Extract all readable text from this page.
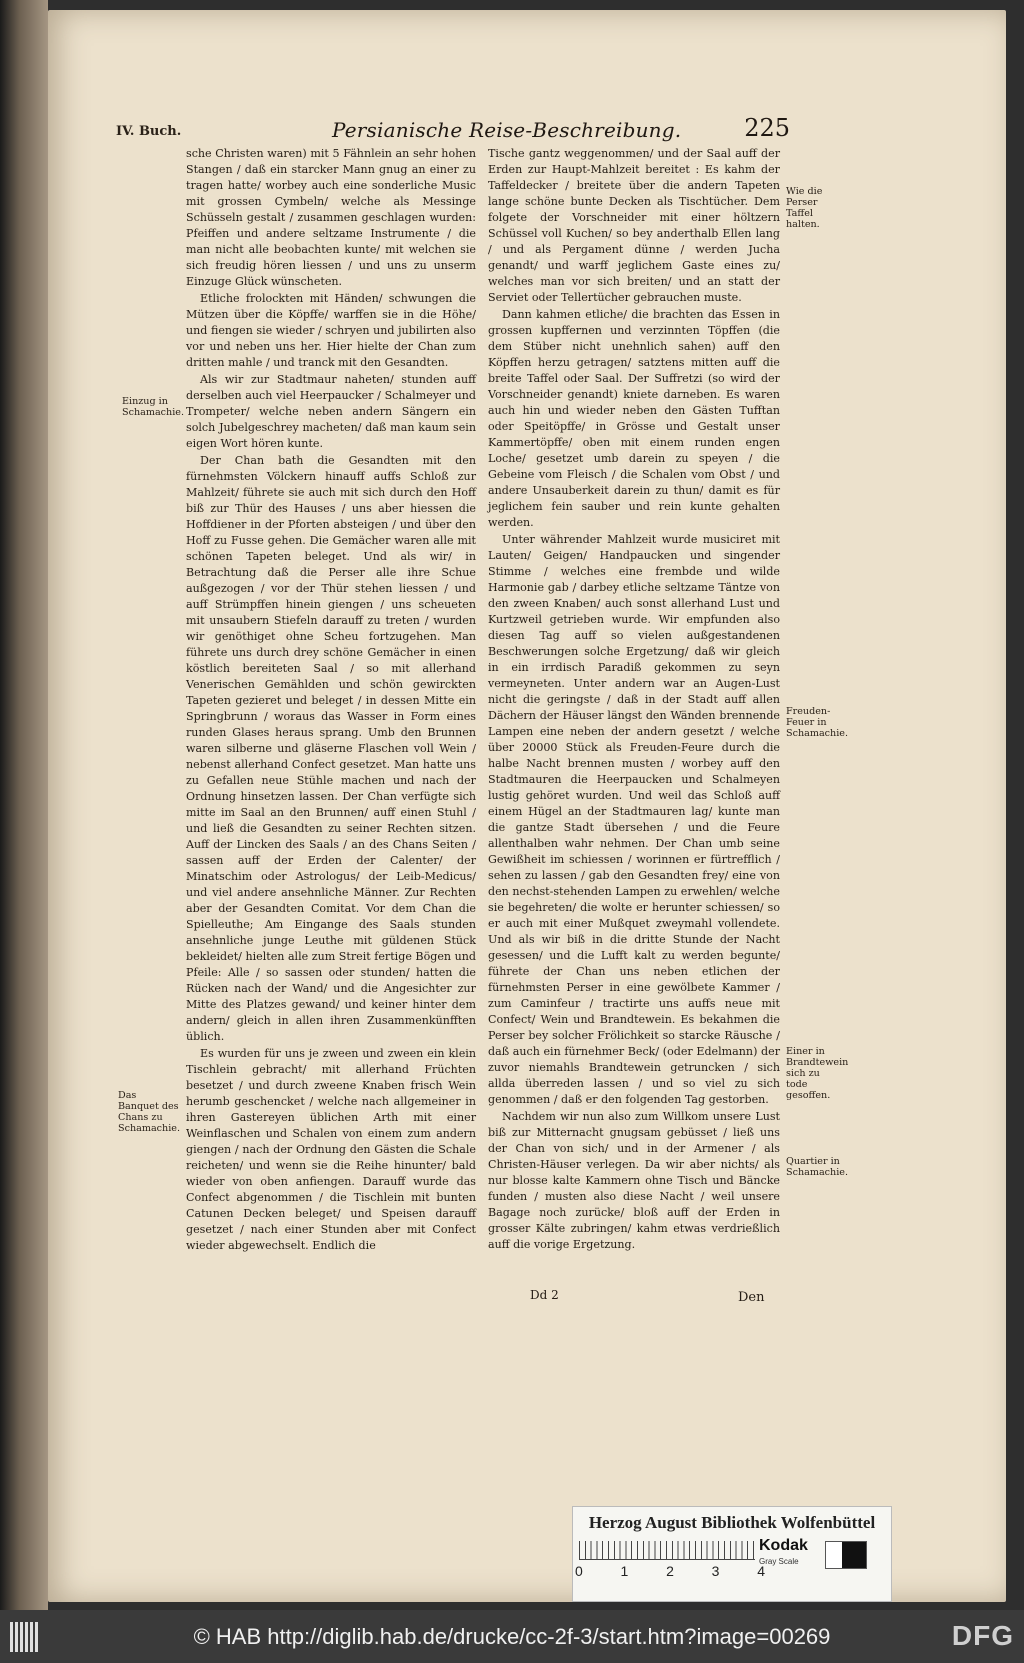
IV. Buch.	Persianische Reise-Beschreibung.	225

sche Christen waren) mit 5 Fähnlein an sehr hohen Stangen / daß ein starcker Mann gnug an einer zu tragen hatte/ worbey auch eine sonderliche Music mit grossen Cymbeln/ welche als Messinge Schüsseln gestalt / zusammen geschlagen wurden: Pfeiffen und andere seltzame Instrumente / die man nicht alle beobachten kunte/ mit welchen sie sich freudig hören liessen / und uns zu unserm Einzuge Glück wünscheten.

Etliche frolockten mit Händen/ schwungen die Mützen über die Köpffe/ warffen sie in die Höhe/ und fiengen sie wieder / schryen und jubilirten also vor und neben uns her. Hier hielte der Chan zum dritten mahle / und tranck mit den Gesandten.

Als wir zur Stadtmaur naheten/ stunden auff derselben auch viel Heerpaucker / Schalmeyer und Trompeter/ welche neben andern Sängern ein solch Jubelgeschrey macheten/ daß man kaum sein eigen Wort hören kunte.

Der Chan bath die Gesandten mit den fürnehmsten Völckern hinauff auffs Schloß zur Mahlzeit/ führete sie auch mit sich durch den Hoff biß zur Thür des Hauses / uns aber hiessen die Hoffdiener in der Pforten absteigen / und über den Hoff zu Fusse gehen. Die Gemächer waren alle mit schönen Tapeten beleget. Und als wir/ in Betrachtung daß die Perser alle ihre Schue außgezogen / vor der Thür stehen liessen / und auff Strümpffen hinein giengen / uns scheueten mit unsaubern Stiefeln darauff zu treten / wurden wir genöthiget ohne Scheu fortzugehen. Man führete uns durch drey schöne Gemächer in einen köstlich bereiteten Saal / so mit allerhand Venerischen Gemählden und schön gewirckten Tapeten gezieret und beleget / in dessen Mitte ein Springbrunn / woraus das Wasser in Form eines runden Glases heraus sprang. Umb den Brunnen waren silberne und gläserne Flaschen voll Wein / nebenst allerhand Confect gesetzet. Man hatte uns zu Gefallen neue Stühle machen und nach der Ordnung hinsetzen lassen. Der Chan verfügte sich mitte im Saal an den Brunnen/ auff einen Stuhl / und ließ die Gesandten zu seiner Rechten sitzen. Auff der Lincken des Saals / an des Chans Seiten / sassen auff der Erden der Calenter/ der Minatschim oder Astrologus/ der Leib-Medicus/ und viel andere ansehnliche Männer. Zur Rechten aber der Gesandten Comitat. Vor dem Chan die Spielleuthe; Am Eingange des Saals stunden ansehnliche junge Leuthe mit güldenen Stück bekleidet/ hielten alle zum Streit fertige Bögen und Pfeile: Alle / so sassen oder stunden/ hatten die Rücken nach der Wand/ und die Angesichter zur Mitte des Platzes gewand/ und keiner hinter dem andern/ gleich in allen ihren Zusammenkünfften üblich.

Es wurden für uns je zween und zween ein klein Tischlein gebracht/ mit allerhand Früchten besetzet / und durch zweene Knaben frisch Wein herumb geschencket / welche nach allgemeiner in ihren Gastereyen üblichen Arth mit einer Weinflaschen und Schalen von einem zum andern giengen / nach der Ordnung den Gästen die Schale reicheten/ und wenn sie die Reihe hinunter/ bald wieder von oben anfiengen. Darauff wurde das Confect abgenommen / die Tischlein mit bunten Catunen Decken beleget/ und Speisen darauff gesetzet / nach einer Stunden aber mit Confect wieder abgewechselt. Endlich die

Tische gantz weggenommen/ und der Saal auff der Erden zur Haupt-Mahlzeit bereitet : Es kahm der Taffeldecker / breitete über die andern Tapeten lange schöne bunte Decken als Tischtücher. Dem folgete der Vorschneider mit einer höltzern Schüssel voll Kuchen/ so bey anderthalb Ellen lang / und als Pergament dünne / werden Jucha genandt/ und warff jeglichem Gaste eines zu/ welches man vor sich breiten/ und an statt der Serviet oder Tellertücher gebrauchen muste.

Dann kahmen etliche/ die brachten das Essen in grossen kupffernen und verzinnten Töpffen (die dem Stüber nicht unehnlich sahen) auff den Köpffen herzu getragen/ satztens mitten auff die breite Taffel oder Saal. Der Suffretzi (so wird der Vorschneider genandt) kniete darneben. Es waren auch hin und wieder neben den Gästen Tufftan oder Speitöpffe/ in Grösse und Gestalt unser Kammertöpffe/ oben mit einem runden engen Loche/ gesetzet umb darein zu speyen / die Gebeine vom Fleisch / die Schalen vom Obst / und andere Unsauberkeit darein zu thun/ damit es für jeglichem fein sauber und rein kunte gehalten werden.

Unter währender Mahlzeit wurde musiciret mit Lauten/ Geigen/ Handpaucken und singender Stimme / welches eine frembde und wilde Harmonie gab / darbey etliche seltzame Täntze von den zween Knaben/ auch sonst allerhand Lust und Kurtzweil getrieben wurde. Wir empfunden also diesen Tag auff so vielen außgestandenen Beschwerungen solche Ergetzung/ daß wir gleich in ein irrdisch Paradiß gekommen zu seyn vermeyneten. Unter andern war an Augen-Lust nicht die geringste / daß in der Stadt auff allen Dächern der Häuser längst den Wänden brennende Lampen eine neben der andern gesetzt / welche über 20000 Stück als Freuden-Feure durch die halbe Nacht brennen musten / worbey auff den Stadtmauren die Heerpaucken und Schalmeyen lustig gehöret wurden. Und weil das Schloß auff einem Hügel an der Stadtmauren lag/ kunte man die gantze Stadt übersehen / und die Feure allenthalben wahr nehmen. Der Chan umb seine Gewißheit im schiessen / worinnen er fürtrefflich / sehen zu lassen / gab den Gesandten frey/ eine von den nechst-stehenden Lampen zu erwehlen/ welche sie begehreten/ die wolte er herunter schiessen/ so er auch mit einer Mußquet zweymahl vollendete. Und als wir biß in die dritte Stunde der Nacht gesessen/ und die Lufft kalt zu werden begunte/ führete der Chan uns neben etlichen der fürnehmsten Perser in eine gewölbete Kammer / zum Caminfeur / tractirte uns auffs neue mit Confect/ Wein und Brandtewein. Es bekahmen die Perser bey solcher Frölichkeit so starcke Räusche / daß auch ein fürnehmer Beck/ (oder Edelmann) der zuvor niemahls Brandtewein getruncken / sich allda überreden lassen / und so viel zu sich genommen / daß er den folgenden Tag gestorben.

Nachdem wir nun also zum Willkom unsere Lust biß zur Mitternacht gnugsam gebüsset / ließ uns der Chan von sich/ und in der Armener / als Christen-Häuser verlegen. Da wir aber nichts/ als nur blosse kalte Kammern ohne Tisch und Bäncke funden / musten also diese Nacht / weil unsere Bagage noch zurücke/ bloß auff der Erden in grosser Kälte zubringen/ kahm etwas verdrießlich auff die vorige Ergetzung.

Einzug in Schamachie.
Das Banquet des Chans zu Schamachie.
Wie die Perser Taffel halten.
Freuden-Feuer in Schamachie.
Einer in Brandtewein sich zu tode gesoffen.
Quartier in Schamachie.
Dd 2	Den
Herzog August Bibliothek Wolfenbüttel
0	1	2	3	4
Kodak
Gray Scale
© HAB http://diglib.hab.de/drucke/cc-2f-3/start.htm?image=00269	DFG
